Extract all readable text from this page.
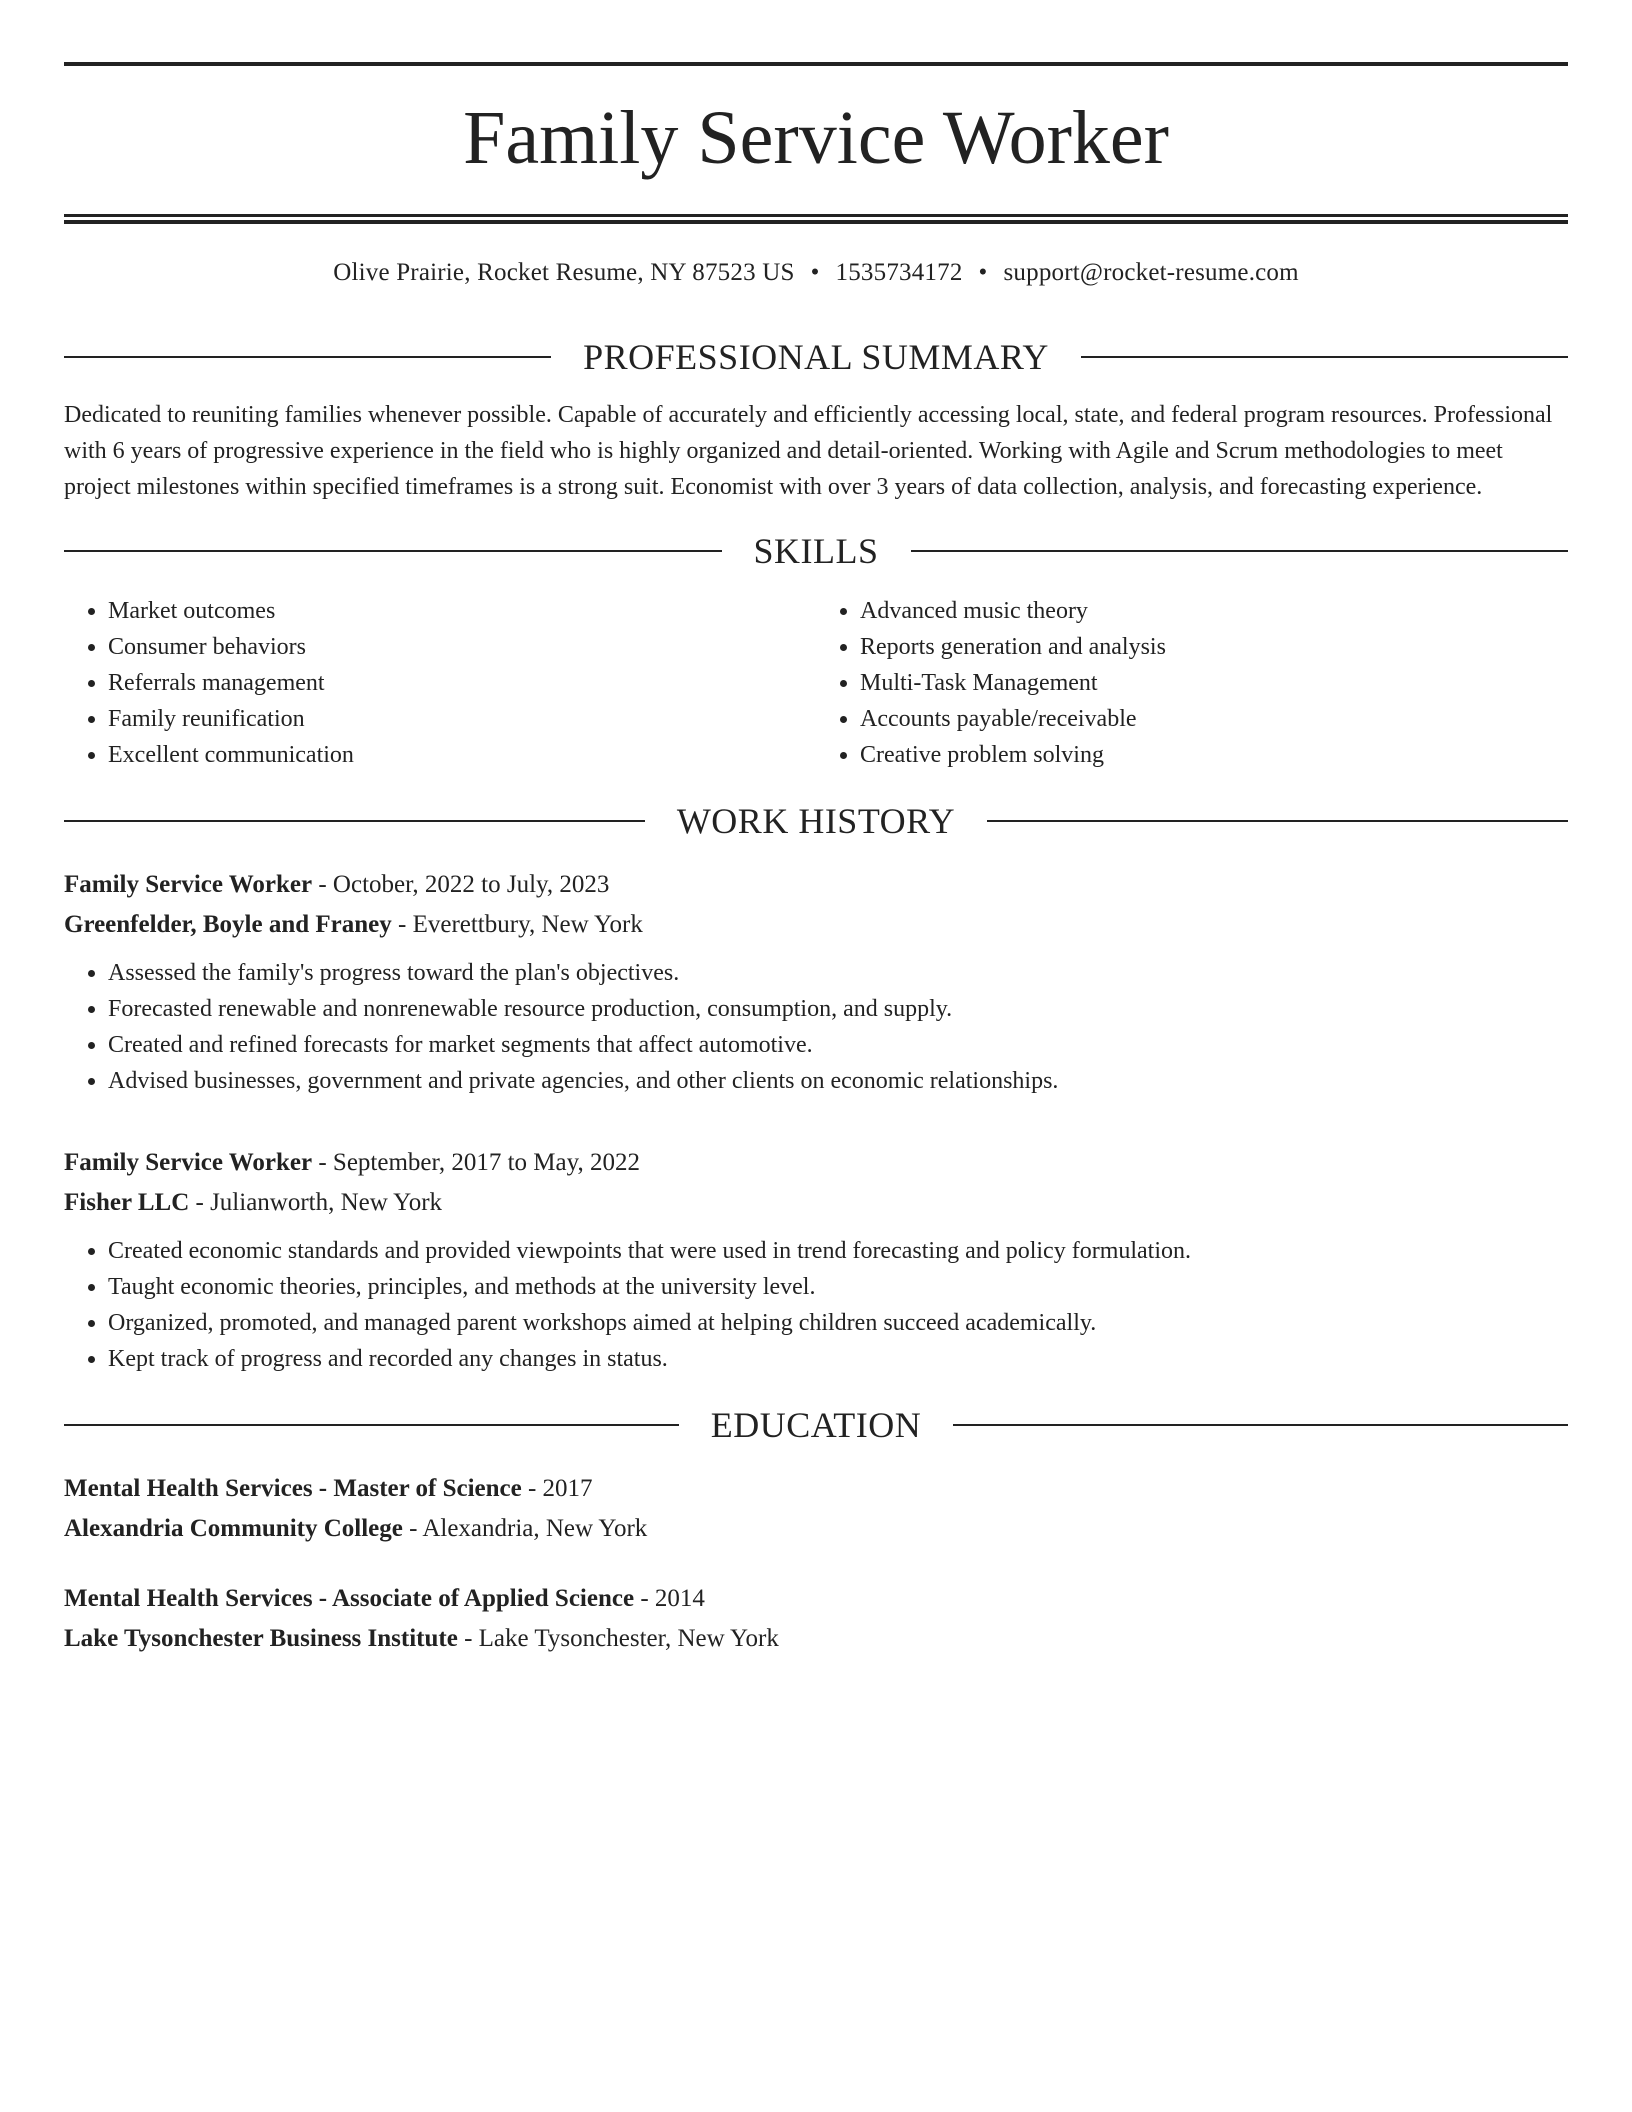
Family Service Worker
Olive Prairie, Rocket Resume, NY 87523 US • 1535734172 • support@rocket-resume.com
PROFESSIONAL SUMMARY
Dedicated to reuniting families whenever possible. Capable of accurately and efficiently accessing local, state, and federal program resources. Professional with 6 years of progressive experience in the field who is highly organized and detail-oriented. Working with Agile and Scrum methodologies to meet project milestones within specified timeframes is a strong suit. Economist with over 3 years of data collection, analysis, and forecasting experience.
SKILLS
• Market outcomes
• Consumer behaviors
• Referrals management
• Family reunification
• Excellent communication
• Advanced music theory
• Reports generation and analysis
• Multi-Task Management
• Accounts payable/receivable
• Creative problem solving
WORK HISTORY
Family Service Worker - October, 2022 to July, 2023
Greenfelder, Boyle and Franey - Everettbury, New York
• Assessed the family's progress toward the plan's objectives.
• Forecasted renewable and nonrenewable resource production, consumption, and supply.
• Created and refined forecasts for market segments that affect automotive.
• Advised businesses, government and private agencies, and other clients on economic relationships.
Family Service Worker - September, 2017 to May, 2022
Fisher LLC - Julianworth, New York
• Created economic standards and provided viewpoints that were used in trend forecasting and policy formulation.
• Taught economic theories, principles, and methods at the university level.
• Organized, promoted, and managed parent workshops aimed at helping children succeed academically.
• Kept track of progress and recorded any changes in status.
EDUCATION
Mental Health Services - Master of Science - 2017
Alexandria Community College - Alexandria, New York
Mental Health Services - Associate of Applied Science - 2014
Lake Tysonchester Business Institute - Lake Tysonchester, New York
